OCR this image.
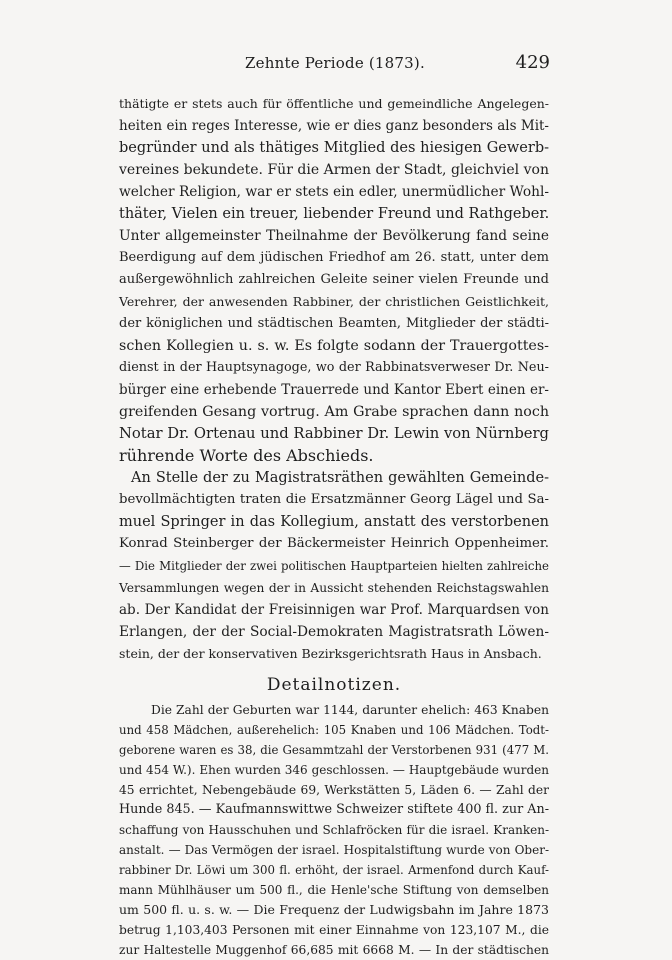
Zehnte Periode (1873).	429
thätigte er stets auch für öffentliche und gemeindliche Angelegen-
heiten ein reges Interesse, wie er dies ganz besonders als Mit-
begründer und als thätiges Mitglied des hiesigen Gewerb-
vereines bekundete. Für die Armen der Stadt, gleichviel von
welcher Religion, war er stets ein edler, unermüdlicher Wohl-
thäter, Vielen ein treuer, liebender Freund und Rathgeber.
Unter allgemeinster Theilnahme der Bevölkerung fand seine
Beerdigung auf dem jüdischen Friedhof am 26. statt, unter dem
außergewöhnlich zahlreichen Geleite seiner vielen Freunde und
Verehrer, der anwesenden Rabbiner, der christlichen Geistlichkeit,
der königlichen und städtischen Beamten, Mitglieder der städti-
schen Kollegien u. s. w. Es folgte sodann der Trauergottes-
dienst in der Hauptsynagoge, wo der Rabbinatsverweser Dr. Neu-
bürger eine erhebende Trauerrede und Kantor Ebert einen er-
greifenden Gesang vortrug. Am Grabe sprachen dann noch
Notar Dr. Ortenau und Rabbiner Dr. Lewin von Nürnberg
rührende Worte des Abschieds.
An Stelle der zu Magistratsräthen gewählten Gemeinde-
bevollmächtigten traten die Ersatzmänner Georg Lägel und Sa-
muel Springer in das Kollegium, anstatt des verstorbenen
Konrad Steinberger der Bäckermeister Heinrich Oppenheimer.
— Die Mitglieder der zwei politischen Hauptparteien hielten zahlreiche
Versammlungen wegen der in Aussicht stehenden Reichstagswahlen
ab. Der Kandidat der Freisinnigen war Prof. Marquardsen von
Erlangen, der der Social-Demokraten Magistratsrath Löwen-
stein, der der konservativen Bezirksgerichtsrath Haus in Ansbach.
Detailnotizen.
Die Zahl der Geburten war 1144, darunter ehelich: 463 Knaben
und 458 Mädchen, außerehelich: 105 Knaben und 106 Mädchen. Todt-
geborene waren es 38, die Gesammtzahl der Verstorbenen 931 (477 M.
und 454 W.). Ehen wurden 346 geschlossen. — Hauptgebäude wurden
45 errichtet, Nebengebäude 69, Werkstätten 5, Läden 6. — Zahl der
Hunde 845. — Kaufmannswittwe Schweizer stiftete 400 fl. zur An-
schaffung von Hausschuhen und Schlafröcken für die israel. Kranken-
anstalt. — Das Vermögen der israel. Hospitalstiftung wurde von Ober-
rabbiner Dr. Löwi um 300 fl. erhöht, der israel. Armenfond durch Kauf-
mann Mühlhäuser um 500 fl., die Henle'sche Stiftung von demselben
um 500 fl. u. s. w. — Die Frequenz der Ludwigsbahn im Jahre 1873
betrug 1,103,403 Personen mit einer Einnahme von 123,107 M., die
zur Haltestelle Muggenhof 66,685 mit 6668 M. — In der städtischen
